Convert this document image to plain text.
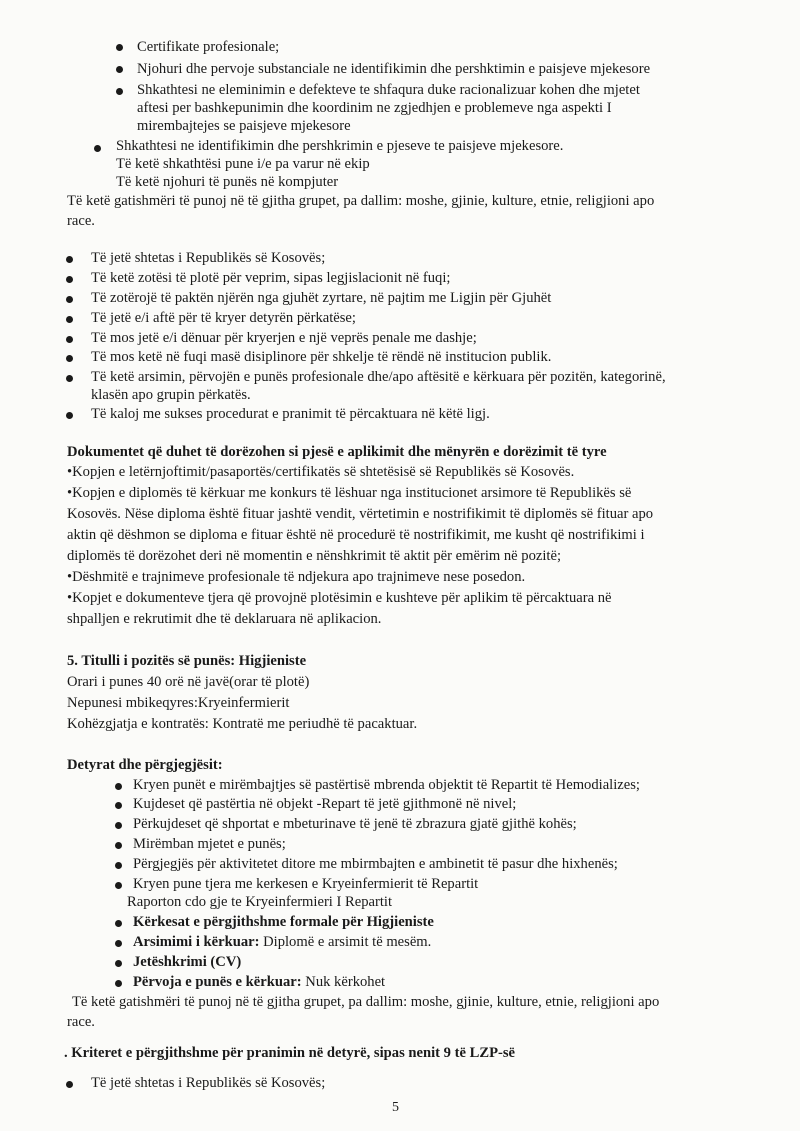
Certifikate profesionale;
Njohuri dhe pervoje substanciale ne identifikimin dhe pershktimin e paisjeve mjekesore
Shkathtesi ne eleminimin e defekteve te shfaqura duke racionalizuar kohen dhe mjetet
aftesi per bashkepunimin dhe koordinim ne zgjedhjen e problemeve nga aspekti I
mirembajtejes se paisjeve mjekesore
Shkathtesi ne identifikimin dhe pershkrimin e pjeseve te paisjeve mjekesore.
Të ketë shkathtësi pune i/e pa varur në ekip
Të ketë njohuri të punës në kompjuter
Të ketë gatishmëri të punoj në të gjitha grupet, pa dallim: moshe, gjinie, kulture, etnie, religjioni apo
race.
Të jetë shtetas i Republikës së Kosovës;
Të ketë zotësi të plotë për veprim, sipas legjislacionit në fuqi;
Të zotërojë të paktën njërën nga gjuhët zyrtare, në pajtim me Ligjin për Gjuhët
Të jetë e/i aftë për të kryer detyrën përkatëse;
Të mos jetë e/i dënuar për kryerjen e një veprës penale me dashje;
Të mos ketë në fuqi masë disiplinore për shkelje të rëndë në institucion publik.
Të ketë arsimin, përvojën e punës profesionale dhe/apo aftësitë e kërkuara për pozitën, kategorinë,
klasën apo grupin përkatës.
Të kaloj me sukses procedurat e pranimit të përcaktuara në këtë ligj.
Dokumentet që duhet të dorëzohen si pjesë e aplikimit dhe mënyrën e dorëzimit të tyre
•Kopjen e letërnjoftimit/pasaportës/certifikatës së shtetësisë së Republikës së Kosovës.
•Kopjen e diplomës të kërkuar me konkurs të lëshuar nga institucionet arsimore të Republikës së
Kosovës. Nëse diploma është fituar jashtë vendit, vërtetimin e nostrifikimit të diplomës së fituar apo
aktin që dëshmon se diploma e fituar është në procedurë të nostrifikimit, me kusht që nostrifikimi i
diplomës të dorëzohet deri në momentin e nënshkrimit të aktit për emërim në pozitë;
•Dëshmitë e trajnimeve profesionale të ndjekura apo trajnimeve nese posedon.
•Kopjet e dokumenteve tjera që provojnë plotësimin e kushteve për aplikim të përcaktuara në
shpalljen e rekrutimit dhe të deklaruara në aplikacion.
5. Titulli i pozitës së punës: Higjieniste
Orari i punes 40 orë në javë(orar të plotë)
Nepunesi mbikeqyres:Kryeinfermierit
Kohëzgjatja e kontratës: Kontratë me periudhë të pacaktuar.
Detyrat dhe përgjegjësit:
Kryen punët e mirëmbajtjes së pastërtisë mbrenda objektit të Repartit të Hemodializes;
Kujdeset që pastërtia në objekt -Repart të jetë gjithmonë në nivel;
Përkujdeset që shportat e mbeturinave të jenë të zbrazura gjatë gjithë kohës;
Mirëmban mjetet e punës;
Përgjegjës për aktivitetet ditore me mbirmbajten e ambinetit të pasur dhe hixhenës;
Kryen pune tjera me kerkesen e Kryeinfermierit të Repartit
Raporton cdo gje te Kryeinfermieri I Repartit
Kërkesat e përgjithshme formale për Higjieniste
Arsimimi i kërkuar: Diplomë e arsimit të mesëm.
Jetëshkrimi (CV)
Përvoja e punës e kërkuar: Nuk kërkohet
Të ketë gatishmëri të punoj në të gjitha grupet, pa dallim: moshe, gjinie, kulture, etnie, religjioni apo
race.
. Kriteret e përgjithshme për pranimin në detyrë, sipas nenit 9 të LZP-së
Të jetë shtetas i Republikës së Kosovës;
5
